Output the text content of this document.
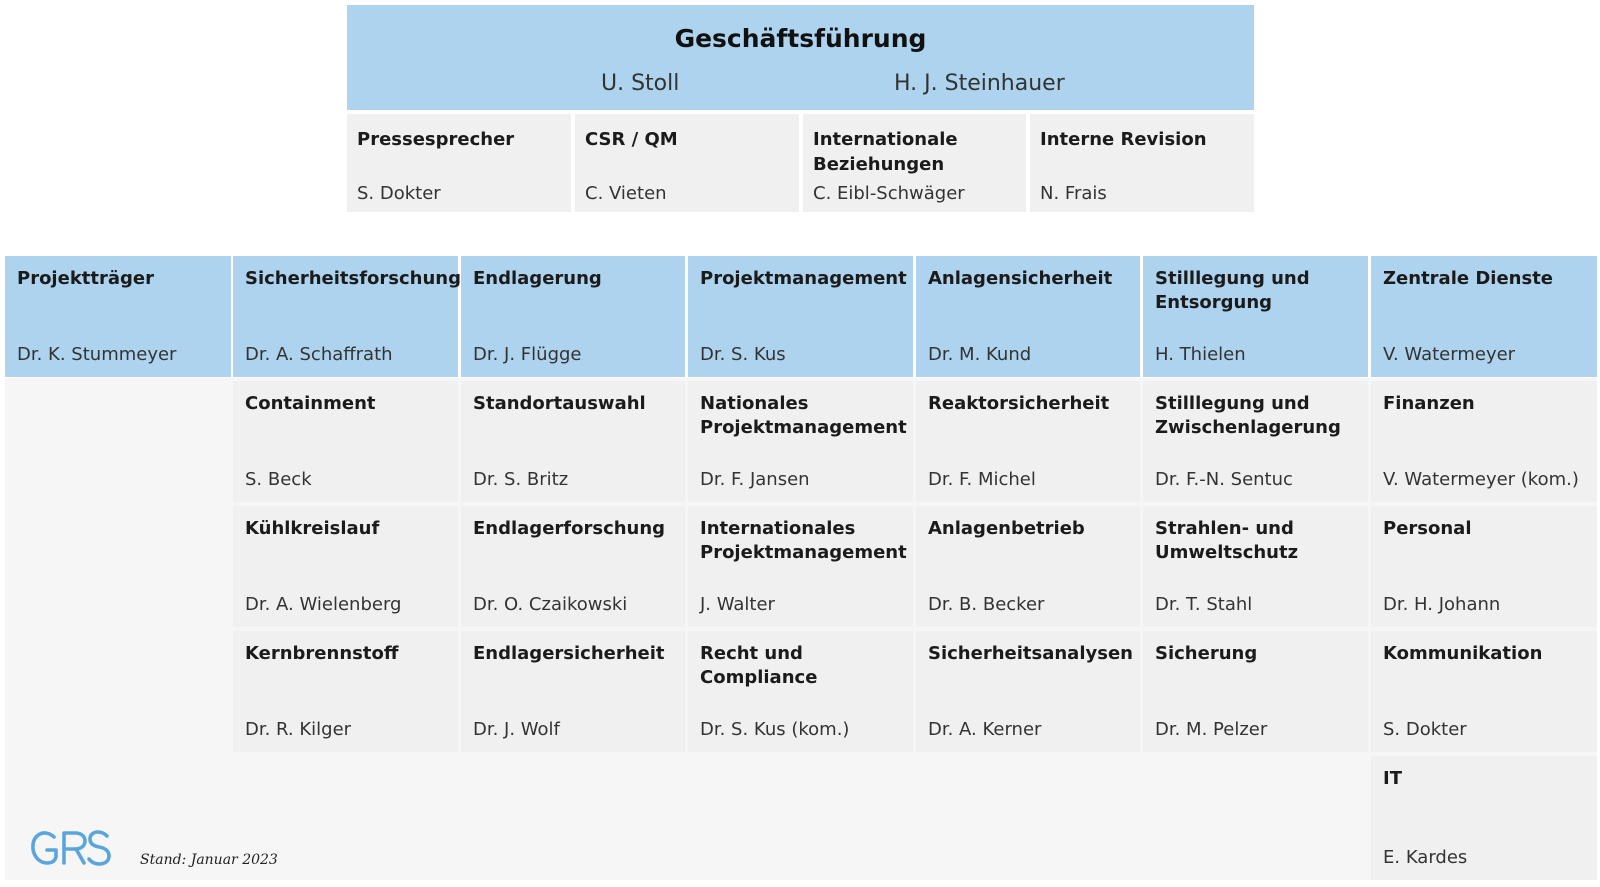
Geschäftsführung
U. Stoll	H. J. Steinhauer
Pressesprecher
S. Dokter
CSR / QM
C. Vieten
Internationale Beziehungen
C. Eibl-Schwäger
Interne Revision
N. Frais
Projektträger
Dr. K. Stummeyer
Sicherheitsforschung
Dr. A. Schaffrath
Endlagerung
Dr. J. Flügge
Projektmanagement
Dr. S. Kus
Anlagensicherheit
Dr. M. Kund
Stilllegung und Entsorgung
H. Thielen
Zentrale Dienste
V. Watermeyer
Containment
S. Beck
Standortauswahl
Dr. S. Britz
Nationales Projektmanagement
Dr. F. Jansen
Reaktorsicherheit
Dr. F. Michel
Stilllegung und Zwischenlagerung
Dr. F.-N. Sentuc
Finanzen
V. Watermeyer (kom.)
Kühlkreislauf
Dr. A. Wielenberg
Endlagerforschung
Dr. O. Czaikowski
Internationales Projektmanagement
J. Walter
Anlagenbetrieb
Dr. B. Becker
Strahlen- und Umweltschutz
Dr. T. Stahl
Personal
Dr. H. Johann
Kernbrennstoff
Dr. R. Kilger
Endlagersicherheit
Dr. J. Wolf
Recht und Compliance
Dr. S. Kus (kom.)
Sicherheitsanalysen
Dr. A. Kerner
Sicherung
Dr. M. Pelzer
Kommunikation
S. Dokter
IT
E. Kardes
Stand: Januar 2023
